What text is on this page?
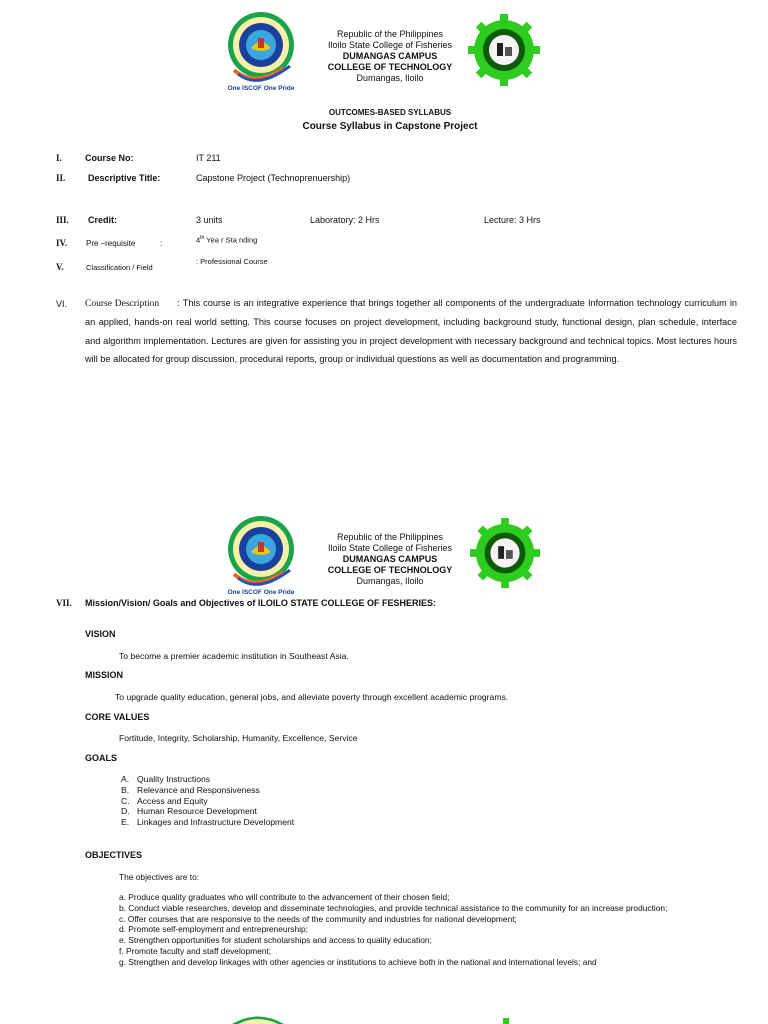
One ISCOF One Pride
Republic of the Philippines
Iloilo State College of Fisheries
DUMANGAS CAMPUS
COLLEGE OF TECHNOLOGY
Dumangas, Iloilo
OUTCOMES-BASED SYLLABUS
Course Syllabus in Capstone Project
I.	Course No:	IT 211
II.	Descriptive Title:	Capstone Project (Technoprenuership)
III. Credit:	3 units	Laboratory: 2 Hrs	Lecture: 3 Hrs
IV. Pre –requisite	:	4th Yea r Sta nding
V.	Classification / Field
: Professional Course
VI. Course Description : This course is an integrative experience that brings together all components of the undergraduate Information technology curriculum in an applied, hands-on real world setting. This course focuses on project development, including background study, functional design, plan schedule, interface and algorithm implementation. Lectures are given for assisting you in project development with necessary background and technical topics. Most lectures hours will be allocated for group discussion, procedural reports, group or individual questions as well as documentation and programming.
One ISCOF One Pride
Republic of the Philippines
Iloilo State College of Fisheries
DUMANGAS CAMPUS
COLLEGE OF TECHNOLOGY
Dumangas, Iloilo
VII. Mission/Vision/ Goals and Objectives of ILOILO STATE COLLEGE OF FESHERIES:
VISION
To become a premier academic institution in Southeast Asia.
MISSION
To upgrade quality education, general jobs, and alleviate poverty through excellent academic programs.
CORE VALUES
Fortitude, Integrity, Scholarship, Humanity, Excellence, Service
GOALS
A. Quality Instructions
B. Relevance and Responsiveness
C. Access and Equity
D. Human Resource Development
E. Linkages and Infrastructure Development
OBJECTIVES
The objectives are to:
a. Produce quality graduates who will contribute to the advancement of their chosen field;
b. Conduct viable researches, develop and disseminate technologies, and provide technical assistance to the community for an increase production;
c. Offer courses that are responsive to the needs of the community and industries for national development;
d. Promote self-employment and entrepreneurship;
e. Strengthen opportunities for student scholarships and access to quality education;
f. Promote faculty and staff development;
g. Strengthen and develop linkages with other agencies or institutions to achieve both in the national and international levels; and
